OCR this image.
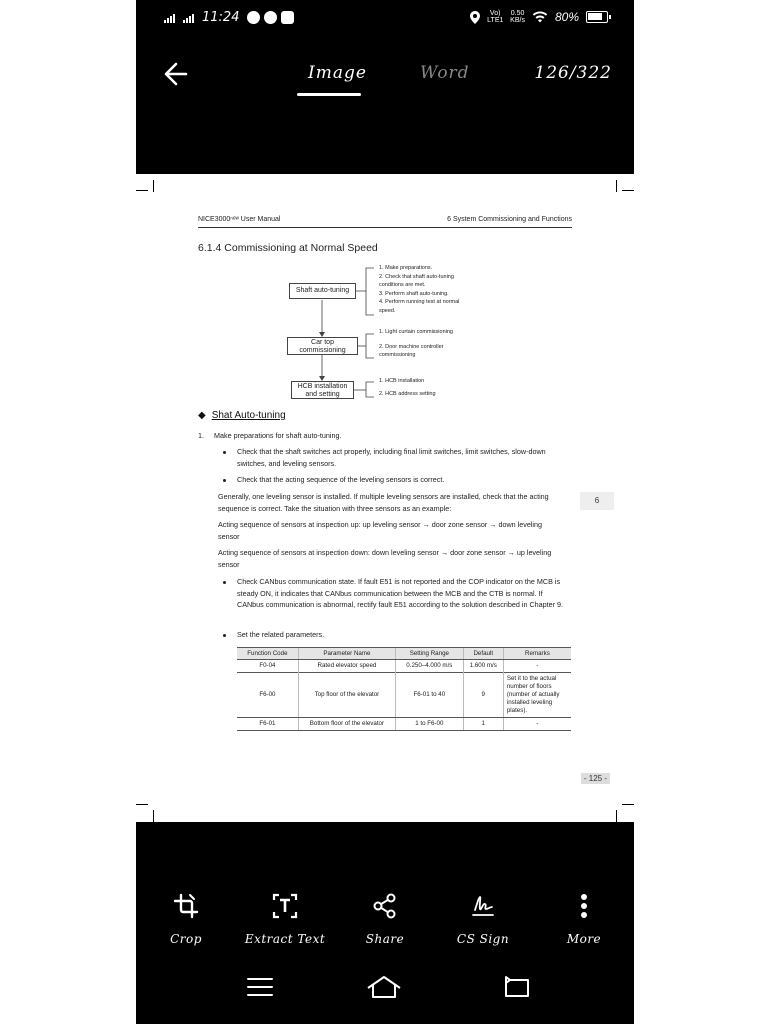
11:24	Vo)
LTE1
0.50
KB/s	80%
Image	Word	126/322
NICE3000ⁿᵉʷ User Manual	6 System Commissioning and Functions
6.1.4 Commissioning at Normal Speed
Shaft auto-tuning
Car top commissioning
HCB installation and setting
1. Make preparations.
2. Check that shaft auto-tuning conditions are met.
3. Perform shaft auto-tuning.
4. Perform running test at normal speed.
1. Light curtain commissioning

2. Door machine controller commissioning
1. HCB installation

2. HCB address setting
◆ Shat Auto-tuning
1. Make preparations for shaft auto-tuning.
Check that the shaft switches act properly, including final limit switches, limit switches, slow-down switches, and leveling sensors.
Check that the acting sequence of the leveling sensors is correct.
Generally, one leveling sensor is installed. If multiple leveling sensors are installed, check that the acting sequence is correct. Take the situation with three sensors as an example:
6
Acting sequence of sensors at inspection up: up leveling sensor → door zone sensor → down leveling sensor
Acting sequence of sensors at inspection down: down leveling sensor → door zone sensor → up leveling sensor
Check CANbus communication state. If fault E51 is not reported and the COP indicator on the MCB is steady ON, it indicates that CANbus communication between the MCB and the CTB is normal. If CANbus communication is abnormal, rectify fault E51 according to the solution described in Chapter 9.
Set the related parameters.
Function Code	Parameter Name	Setting Range	Default	Remarks
F0-04	Rated elevator speed	0.250–4.000 m/s	1.600 m/s	-
F6-00	Top floor of the elevator	F6-01 to 40	9	Set it to the actual number of floors (number of actually installed leveling plates).
F6-01	Bottom floor of the elevator	1 to F6-00	1	-
- 125 -
Crop	Extract Text	Share	CS Sign	More
